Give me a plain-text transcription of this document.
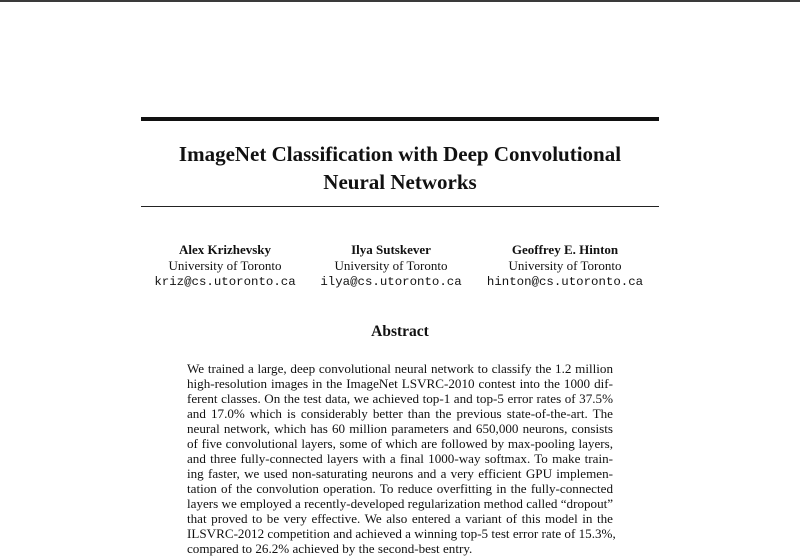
ImageNet Classification with Deep Convolutional
Neural Networks
Alex Krizhevsky
University of Toronto
kriz@cs.utoronto.ca
Ilya Sutskever
University of Toronto
ilya@cs.utoronto.ca
Geoffrey E. Hinton
University of Toronto
hinton@cs.utoronto.ca
Abstract
We trained a large, deep convolutional neural network to classify the 1.2 million
high-resolution images in the ImageNet LSVRC-2010 contest into the 1000 dif-
ferent classes. On the test data, we achieved top-1 and top-5 error rates of 37.5%
and 17.0% which is considerably better than the previous state-of-the-art. The
neural network, which has 60 million parameters and 650,000 neurons, consists
of five convolutional layers, some of which are followed by max-pooling layers,
and three fully-connected layers with a final 1000-way softmax. To make train-
ing faster, we used non-saturating neurons and a very efficient GPU implemen-
tation of the convolution operation. To reduce overfitting in the fully-connected
layers we employed a recently-developed regularization method called “dropout”
that proved to be very effective. We also entered a variant of this model in the
ILSVRC-2012 competition and achieved a winning top-5 test error rate of 15.3%,
compared to 26.2% achieved by the second-best entry.
